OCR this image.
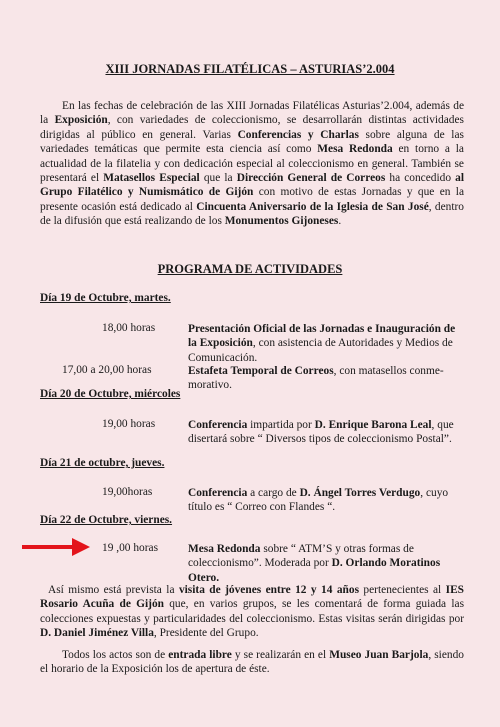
XIII JORNADAS FILATÉLICAS – ASTURIAS’2.004
En las fechas de celebración de las XIII Jornadas Filatélicas Asturias’2.004, además de la Exposición, con variedades de coleccionismo, se desarrollarán distintas actividades dirigidas al público en general. Varias Conferencias y Charlas sobre alguna de las variedades temáticas que permite esta ciencia así como Mesa Redonda en torno a la actualidad de la filatelia y con dedicación especial al coleccionismo en general. También se presentará el Matasellos Especial que la Dirección General de Correos ha concedido al Grupo Filatélico y Numismático de Gijón con motivo de estas Jornadas y que en la presente ocasión está dedicado al Cincuenta Aniversario de la Iglesia de San José, dentro de la difusión que está realizando de los Monumentos Gijoneses.
PROGRAMA DE ACTIVIDADES
Día 19 de Octubre, martes.
18,00 horas	Presentación Oficial de las Jornadas e Inauguración de la Exposición, con asistencia de Autoridades y Medios de Comunicación.
17,00 a 20,00 horas	Estafeta Temporal de Correos, con matasellos conme-morativo.
Día 20 de Octubre, miércoles
19,00 horas	Conferencia impartida por D. Enrique Barona Leal, que disertará sobre “ Diversos tipos de coleccionismo Postal”.
Día 21 de octubre, jueves.
19,00horas	Conferencia a cargo de D. Ángel Torres Verdugo, cuyo título es “ Correo con Flandes “.
Día 22 de Octubre, viernes.
19 ,00 horas	Mesa Redonda sobre “ ATM’S y otras formas de coleccionismo”. Moderada por D. Orlando Moratinos Otero.
Así mismo está prevista la visita de jóvenes entre 12 y 14 años pertenecientes al IES Rosario Acuña de Gijón que, en varios grupos, se les comentará de forma guiada las colecciones expuestas y particularidades del coleccionismo. Estas visitas serán dirigidas por D. Daniel Jiménez Villa, Presidente del Grupo.
Todos los actos son de entrada libre y se realizarán en el Museo Juan Barjola, siendo el horario de la Exposición los de apertura de éste.
